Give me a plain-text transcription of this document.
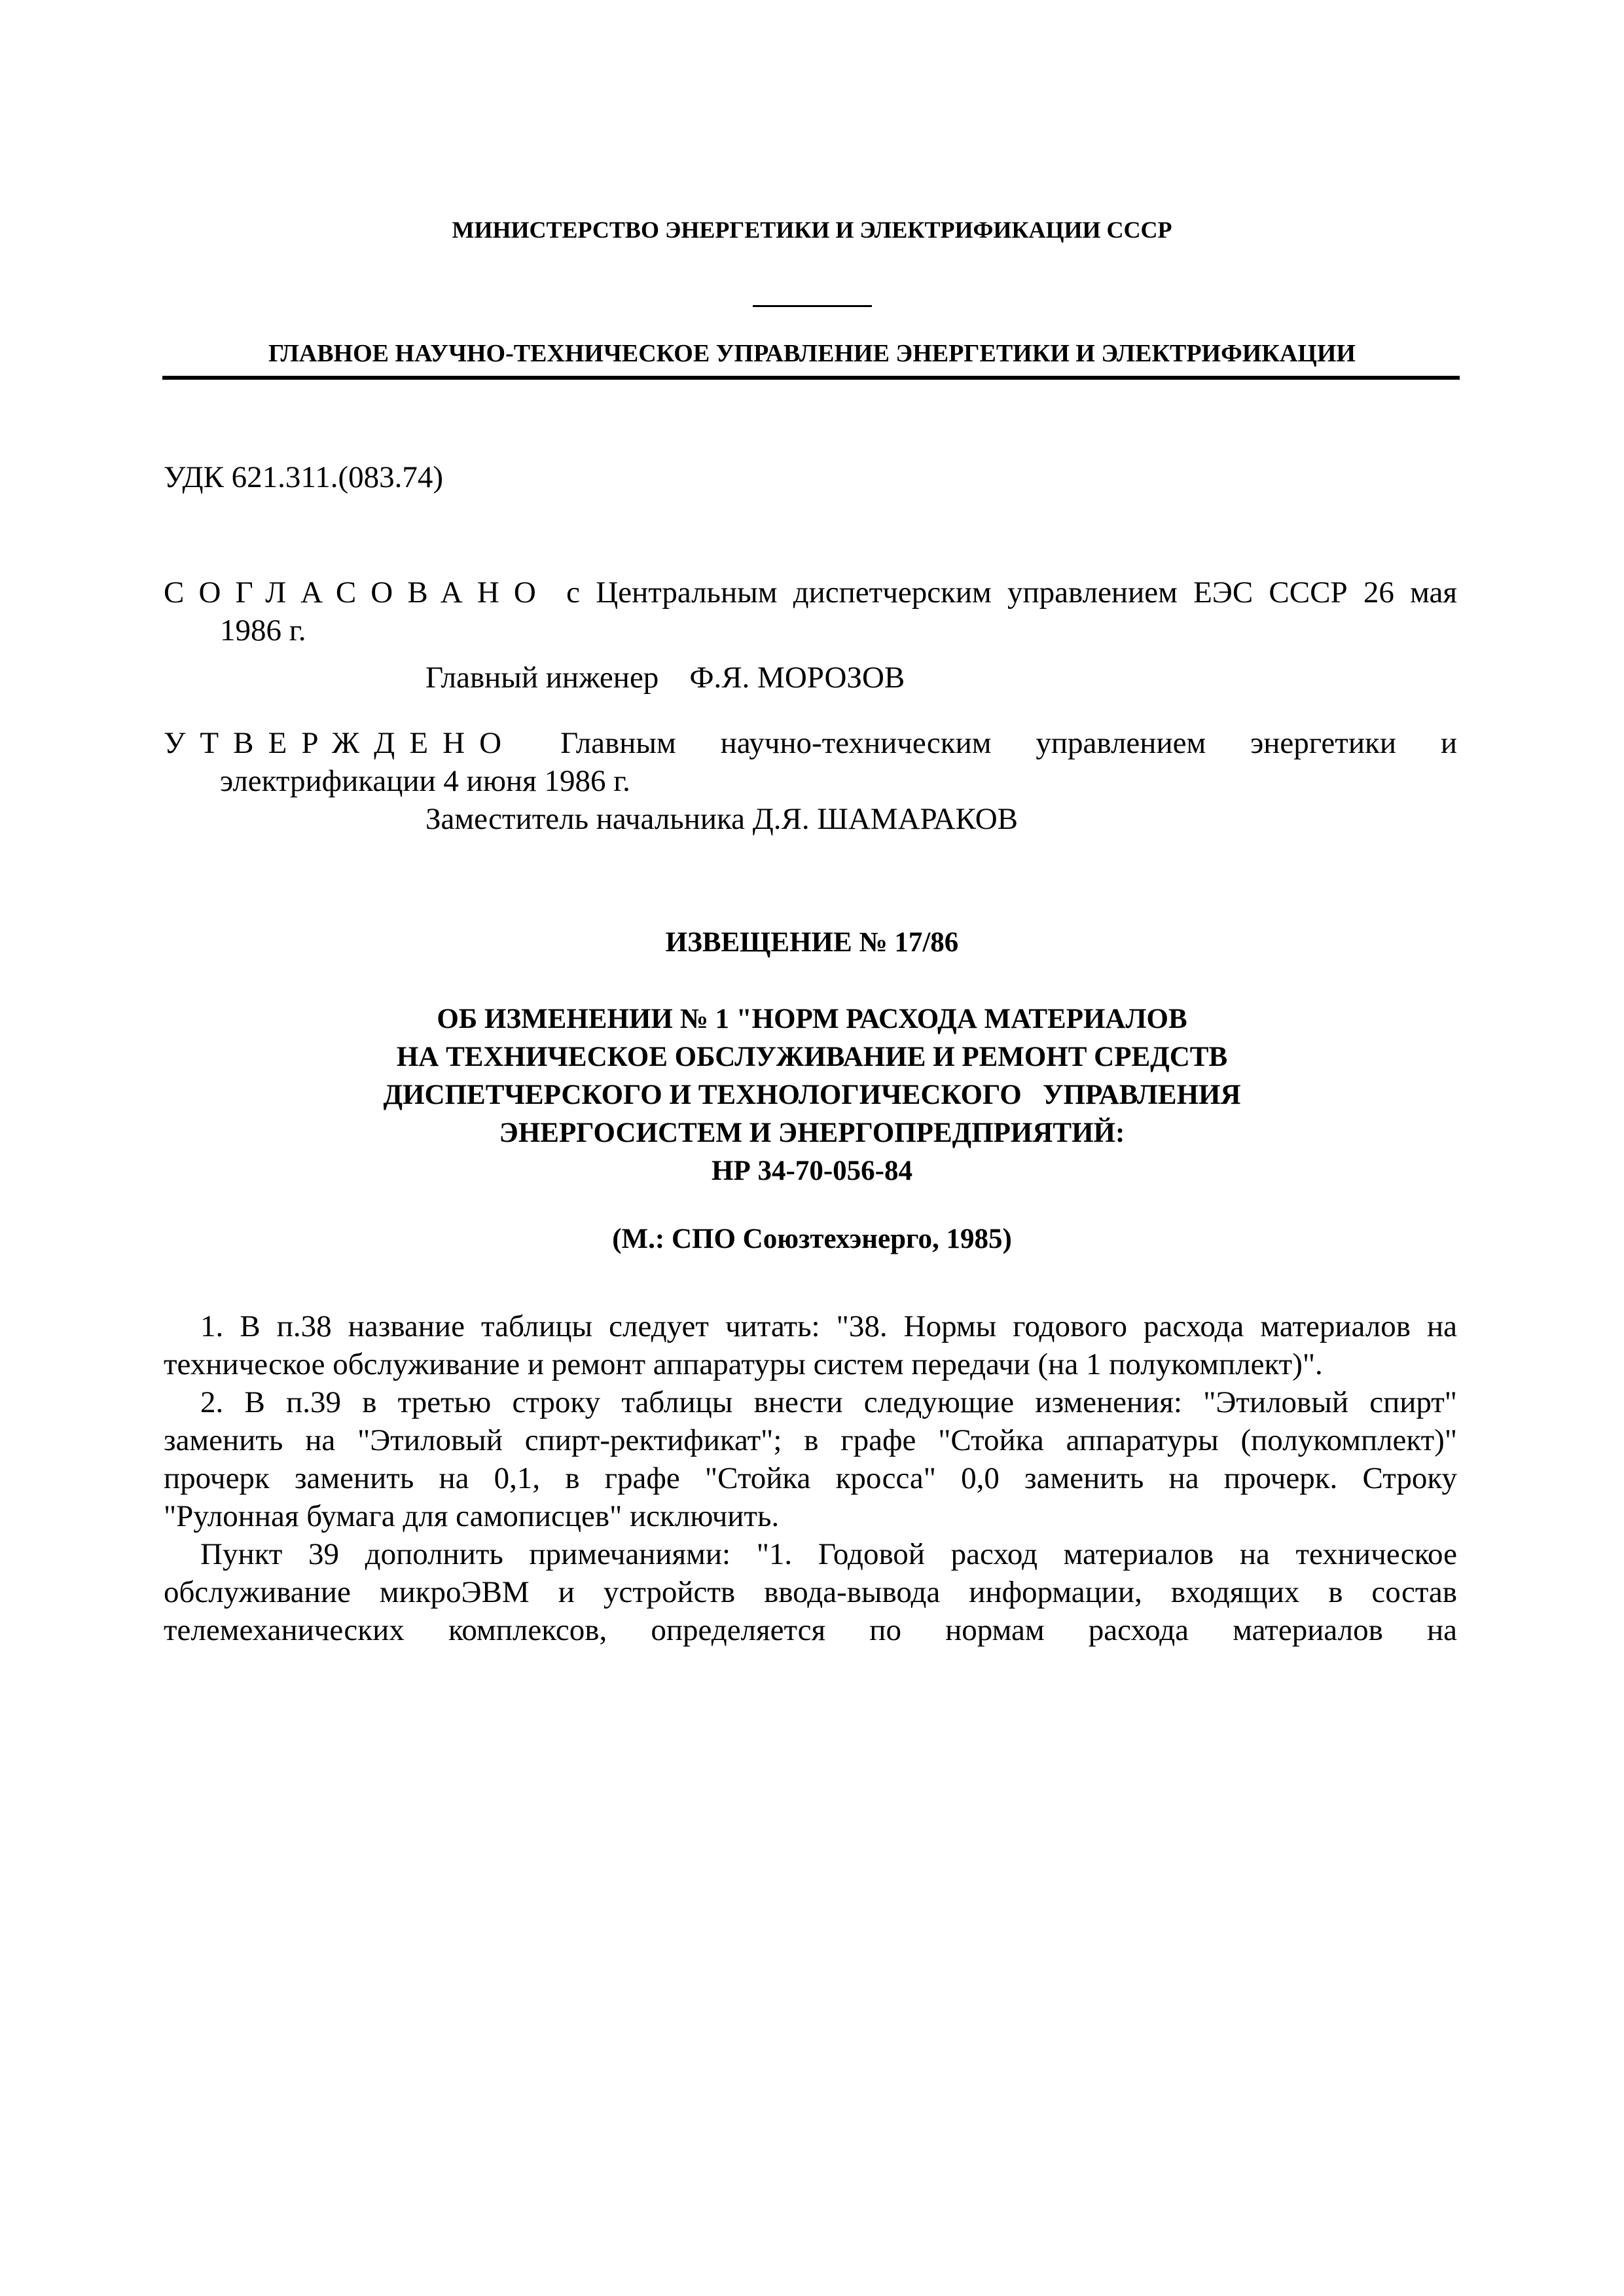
МИНИСТЕРСТВО ЭНЕРГЕТИКИ И ЭЛЕКТРИФИКАЦИИ СССР
ГЛАВНОЕ НАУЧНО-ТЕХНИЧЕСКОЕ УПРАВЛЕНИЕ ЭНЕРГЕТИКИ И ЭЛЕКТРИФИКАЦИИ
УДК 621.311.(083.74)
СОГЛАСОВАНО с Центральным диспетчерским управлением ЕЭС СССР 26 мая
1986 г.
Главный инженер Ф.Я. МОРОЗОВ
УТВЕРЖДЕНО Главным научно-техническим управлением энергетики и
электрификации 4 июня 1986 г.
Заместитель начальника Д.Я. ШАМАРАКОВ
ИЗВЕЩЕНИЕ № 17/86
ОБ ИЗМЕНЕНИИ № 1 "НОРМ РАСХОДА МАТЕРИАЛОВ
НА ТЕХНИЧЕСКОЕ ОБСЛУЖИВАНИЕ И РЕМОНТ СРЕДСТВ
ДИСПЕТЧЕРСКОГО И ТЕХНОЛОГИЧЕСКОГО   УПРАВЛЕНИЯ
ЭНЕРГОСИСТЕМ И ЭНЕРГОПРЕДПРИЯТИЙ:
НР 34-70-056-84
(М.: СПО Союзтехэнерго, 1985)
1. В п.38 название таблицы следует читать: "38. Нормы годового расхода материалов на
техническое обслуживание и ремонт аппаратуры систем передачи (на 1 полукомплект)".
2. В п.39 в третью строку таблицы внести следующие изменения: "Этиловый спирт"
заменить на "Этиловый спирт-ректификат"; в графе "Стойка аппаратуры (полукомплект)"
прочерк заменить на 0,1, в графе "Стойка кросса" 0,0 заменить на прочерк. Строку
"Рулонная бумага для самописцев" исключить.
Пункт 39 дополнить примечаниями: "1. Годовой расход материалов на техническое
обслуживание микроЭВМ и устройств ввода-вывода информации, входящих в состав
телемеханических комплексов, определяется по нормам расхода материалов на
